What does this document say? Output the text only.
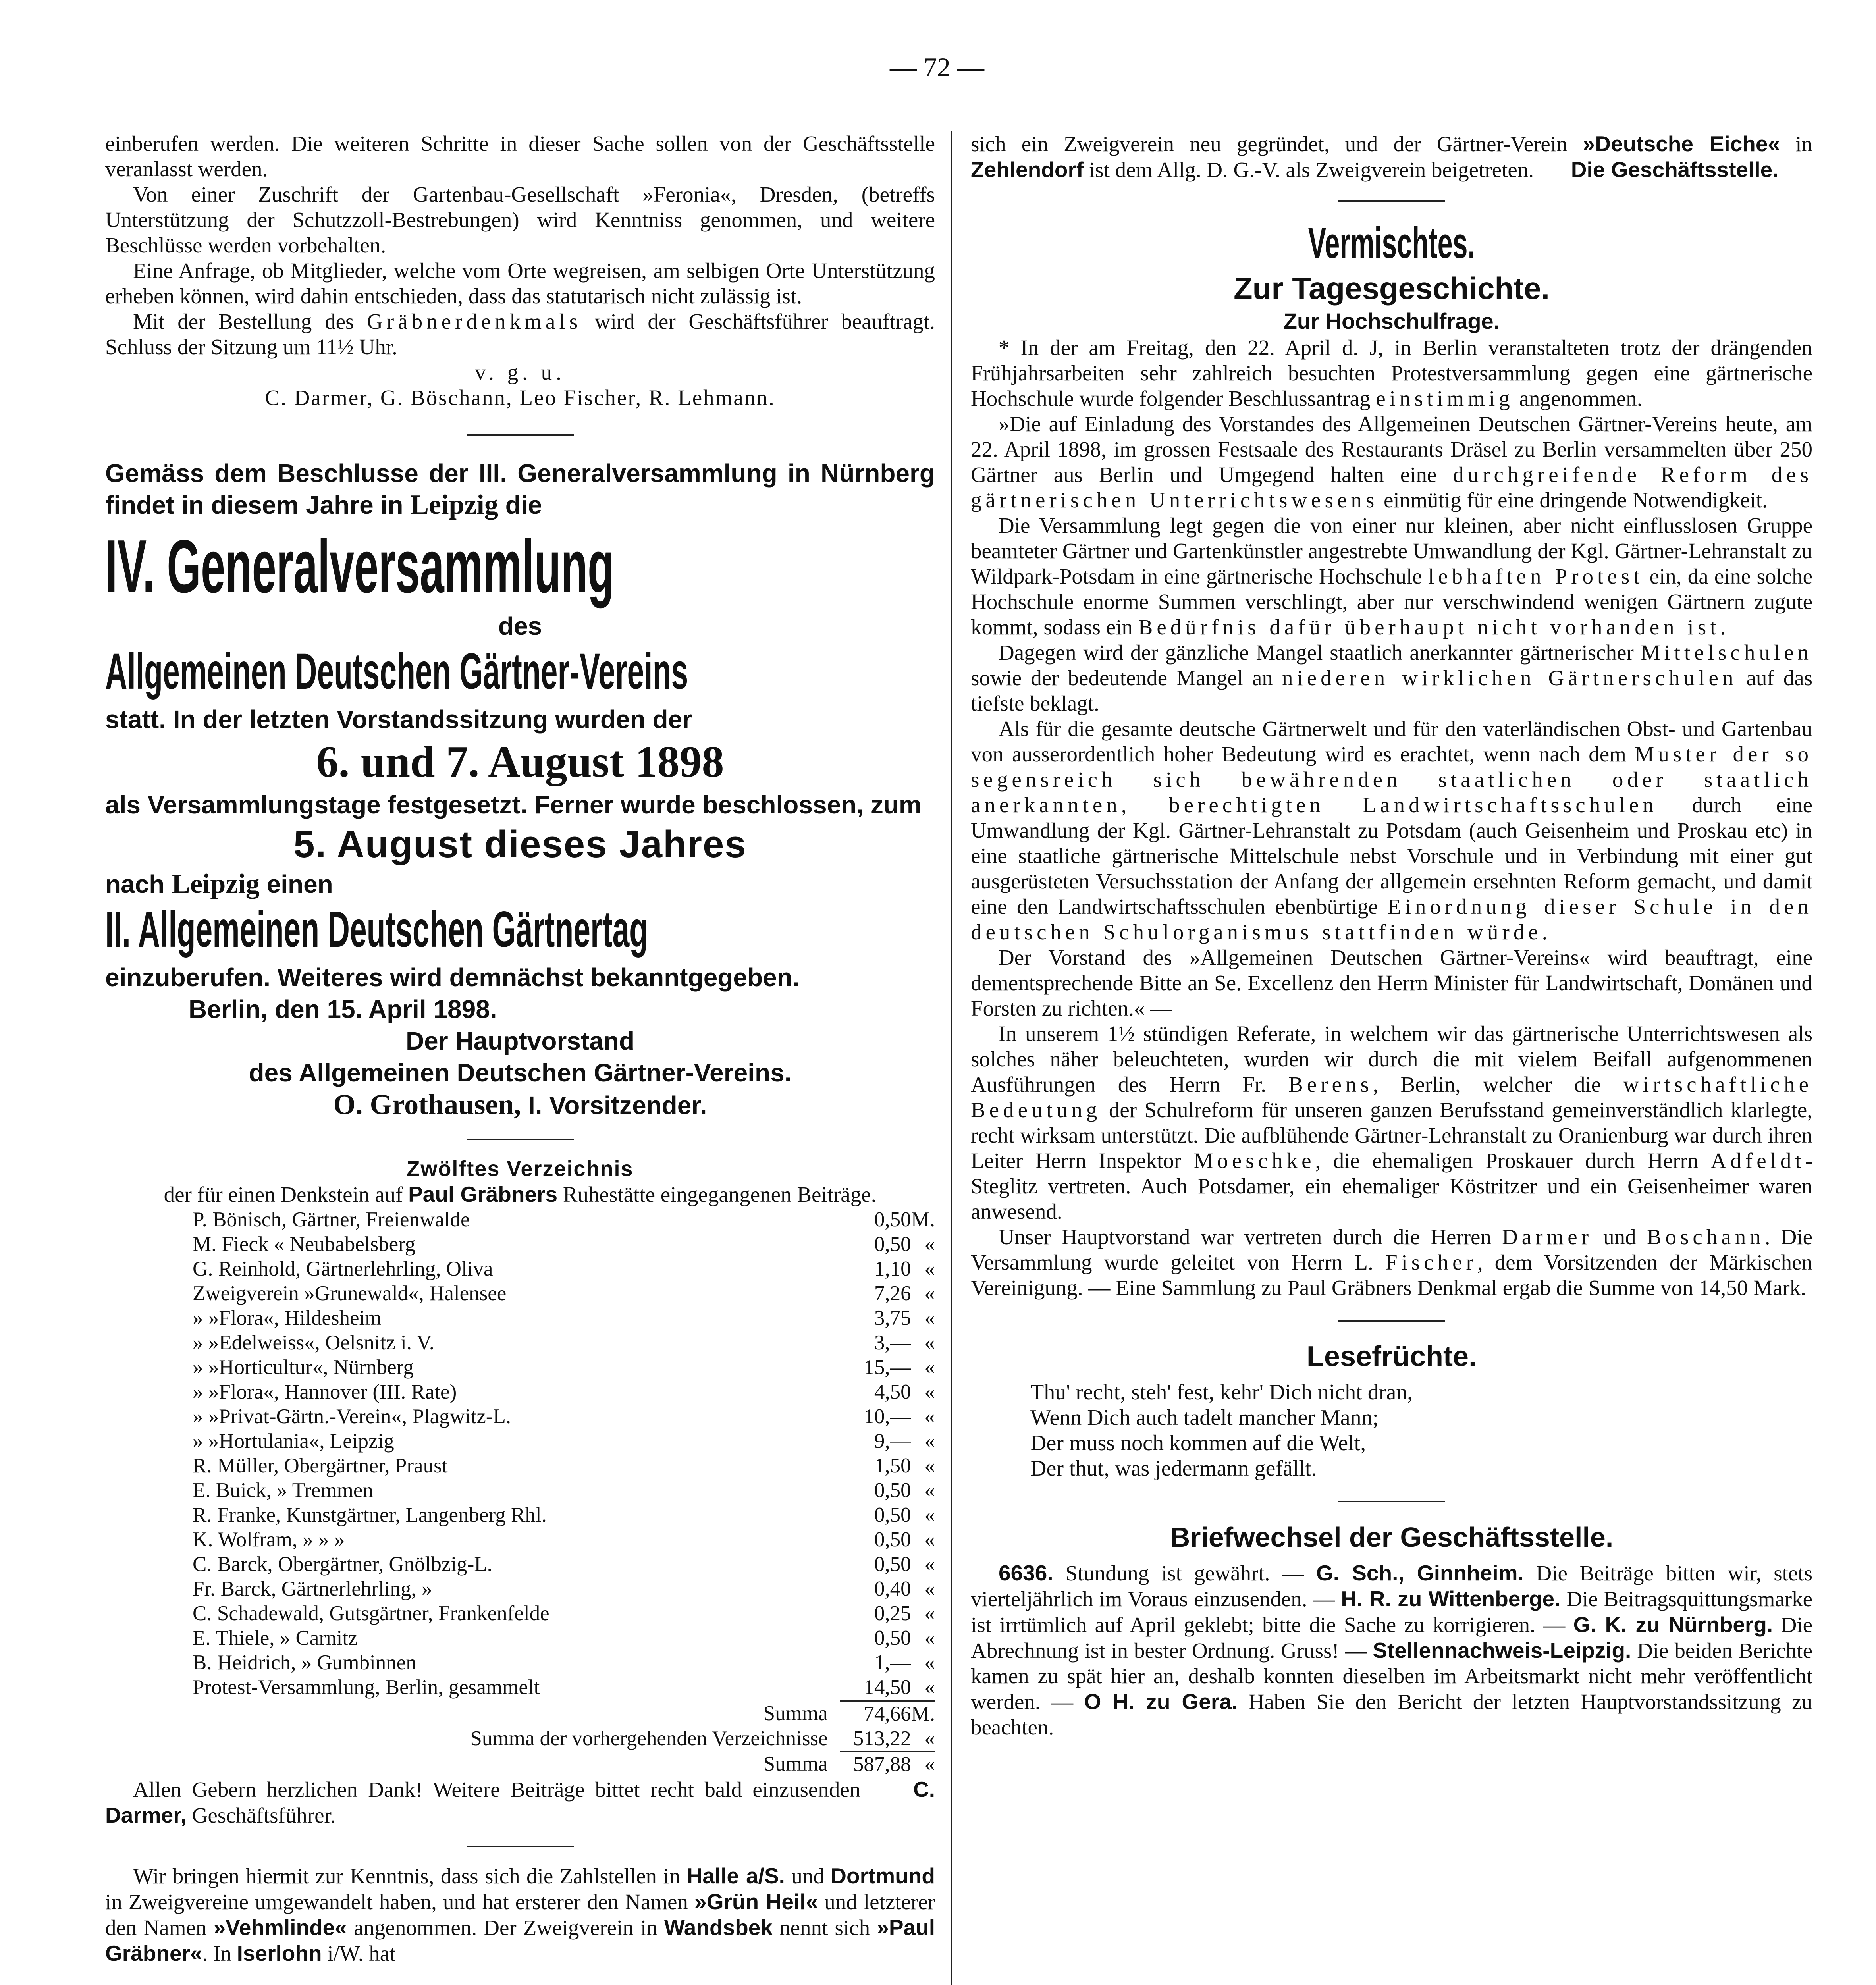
— 72 —

einberufen werden. Die weiteren Schritte in dieser Sache sollen von der Geschäftsstelle veranlasst werden.

Von einer Zuschrift der Gartenbau-Gesellschaft »Feronia«, Dresden, (betreffs Unterstützung der Schutzzoll-Bestrebungen) wird Kenntniss genommen, und weitere Beschlüsse werden vorbehalten.

Eine Anfrage, ob Mitglieder, welche vom Orte wegreisen, am selbigen Orte Unterstützung erheben können, wird dahin entschieden, dass das statutarisch nicht zulässig ist.

Mit der Bestellung des Gräbnerdenkmals wird der Geschäftsführer beauftragt. Schluss der Sitzung um 11½ Uhr.

v. g. u.

C. Darmer, G. Böschann, Leo Fischer, R. Lehmann.

Gemäss dem Beschlusse der III. Generalversammlung in Nürnberg findet in diesem Jahre in Leipzig die

IV. Generalversammlung

des

Allgemeinen Deutschen Gärtner-Vereins

statt. In der letzten Vorstandssitzung wurden der

6. und 7. August 1898

als Versammlungstage festgesetzt. Ferner wurde beschlossen, zum

5. August dieses Jahres

nach Leipzig einen

II. Allgemeinen Deutschen Gärtnertag

einzuberufen. Weiteres wird demnächst bekanntgegeben.

Berlin, den 15. April 1898.

Der Hauptvorstand

des Allgemeinen Deutschen Gärtner-Vereins.

O. Grothausen, I. Vorsitzender.

Zwölftes Verzeichnis

der für einen Denkstein auf Paul Gräbners Ruhestätte eingegangenen Beiträge.

P. Bönisch, Gärtner, Freienwalde	0,50	M.
M. Fieck « Neubabelsberg	0,50	«
G. Reinhold, Gärtnerlehrling, Oliva	1,10	«
Zweigverein »Grunewald«, Halensee	7,26	«
» »Flora«, Hildesheim	3,75	«
» »Edelweiss«, Oelsnitz i. V.	3,—	«
» »Horticultur«, Nürnberg	15,—	«
» »Flora«, Hannover (III. Rate)	4,50	«
» »Privat-Gärtn.-Verein«, Plagwitz-L.	10,—	«
» »Hortulania«, Leipzig	9,—	«
R. Müller, Obergärtner, Praust	1,50	«
E. Buick, » Tremmen	0,50	«
R. Franke, Kunstgärtner, Langenberg Rhl.	0,50	«
K. Wolfram, » » »	0,50	«
C. Barck, Obergärtner, Gnölbzig-L.	0,50	«
Fr. Barck, Gärtnerlehrling, »	0,40	«
C. Schadewald, Gutsgärtner, Frankenfelde	0,25	«
E. Thiele, » Carnitz	0,50	«
B. Heidrich, » Gumbinnen	1,—	«
Protest-Versammlung, Berlin, gesammelt	14,50	«
Summa	74,66	M.
Summa der vorhergehenden Verzeichnisse	513,22	«
Summa	587,88	«

Allen Gebern herzlichen Dank! Weitere Beiträge bittet recht bald einzusenden C. Darmer, Geschäftsführer.

Wir bringen hiermit zur Kenntnis, dass sich die Zahlstellen in Halle a/S. und Dortmund in Zweigvereine umgewandelt haben, und hat ersterer den Namen »Grün Heil« und letzterer den Namen »Vehmlinde« angenommen. Der Zweigverein in Wandsbek nennt sich »Paul Gräbner«. In Iserlohn i/W. hat

sich ein Zweigverein neu gegründet, und der Gärtner-Verein »Deutsche Eiche« in Zehlendorf ist dem Allg. D. G.-V. als Zweigverein beigetreten. Die Geschäftsstelle.

Vermischtes.
Zur Tagesgeschichte.
Zur Hochschulfrage.

* In der am Freitag, den 22. April d. J, in Berlin veranstalteten trotz der drängenden Frühjahrsarbeiten sehr zahlreich besuchten Protestversammlung gegen eine gärtnerische Hochschule wurde folgender Beschlussantrag einstimmig angenommen.

»Die auf Einladung des Vorstandes des Allgemeinen Deutschen Gärtner-Vereins heute, am 22. April 1898, im grossen Festsaale des Restaurants Dräsel zu Berlin versammelten über 250 Gärtner aus Berlin und Umgegend halten eine durchgreifende Reform des gärtnerischen Unterrichtswesens einmütig für eine dringende Notwendigkeit.

Die Versammlung legt gegen die von einer nur kleinen, aber nicht einflusslosen Gruppe beamteter Gärtner und Gartenkünstler angestrebte Umwandlung der Kgl. Gärtner-Lehranstalt zu Wildpark-Potsdam in eine gärtnerische Hochschule lebhaften Protest ein, da eine solche Hochschule enorme Summen verschlingt, aber nur verschwindend wenigen Gärtnern zugute kommt, sodass ein Bedürfnis dafür überhaupt nicht vorhanden ist.

Dagegen wird der gänzliche Mangel staatlich anerkannter gärtnerischer Mittelschulen sowie der bedeutende Mangel an niederen wirklichen Gärtnerschulen auf das tiefste beklagt.

Als für die gesamte deutsche Gärtnerwelt und für den vaterländischen Obst- und Gartenbau von ausserordentlich hoher Bedeutung wird es erachtet, wenn nach dem Muster der so segensreich sich bewährenden staatlichen oder staatlich anerkannten, berechtigten Landwirtschaftsschulen durch eine Umwandlung der Kgl. Gärtner-Lehranstalt zu Potsdam (auch Geisenheim und Proskau etc) in eine staatliche gärtnerische Mittelschule nebst Vorschule und in Verbindung mit einer gut ausgerüsteten Versuchsstation der Anfang der allgemein ersehnten Reform gemacht, und damit eine den Landwirtschaftsschulen ebenbürtige Einordnung dieser Schule in den deutschen Schulorganismus stattfinden würde.

Der Vorstand des »Allgemeinen Deutschen Gärtner-Vereins« wird beauftragt, eine dementsprechende Bitte an Se. Excellenz den Herrn Minister für Landwirtschaft, Domänen und Forsten zu richten.« —

In unserem 1½ stündigen Referate, in welchem wir das gärtnerische Unterrichtswesen als solches näher beleuchteten, wurden wir durch die mit vielem Beifall aufgenommenen Ausführungen des Herrn Fr. Berens, Berlin, welcher die wirtschaftliche Bedeutung der Schulreform für unseren ganzen Berufsstand gemeinverständlich klarlegte, recht wirksam unterstützt. Die aufblühende Gärtner-Lehranstalt zu Oranienburg war durch ihren Leiter Herrn Inspektor Moeschke, die ehemaligen Proskauer durch Herrn Adfeldt-Steglitz vertreten. Auch Potsdamer, ein ehemaliger Köstritzer und ein Geisenheimer waren anwesend.

Unser Hauptvorstand war vertreten durch die Herren Darmer und Boschann. Die Versammlung wurde geleitet von Herrn L. Fischer, dem Vorsitzenden der Märkischen Vereinigung. — Eine Sammlung zu Paul Gräbners Denkmal ergab die Summe von 14,50 Mark.

Lesefrüchte.

Thu' recht, steh' fest, kehr' Dich nicht dran,

Wenn Dich auch tadelt mancher Mann;

Der muss noch kommen auf die Welt,

Der thut, was jedermann gefällt.

Briefwechsel der Geschäftsstelle.

6636. Stundung ist gewährt. — G. Sch., Ginnheim. Die Beiträge bitten wir, stets vierteljährlich im Voraus einzusenden. — H. R. zu Wittenberge. Die Beitragsquittungsmarke ist irrtümlich auf April geklebt; bitte die Sache zu korrigieren. — G. K. zu Nürnberg. Die Abrechnung ist in bester Ordnung. Gruss! — Stellennachweis-Leipzig. Die beiden Berichte kamen zu spät hier an, deshalb konnten dieselben im Arbeitsmarkt nicht mehr veröffentlicht werden. — O H. zu Gera. Haben Sie den Bericht der letzten Hauptvorstandssitzung zu beachten.
